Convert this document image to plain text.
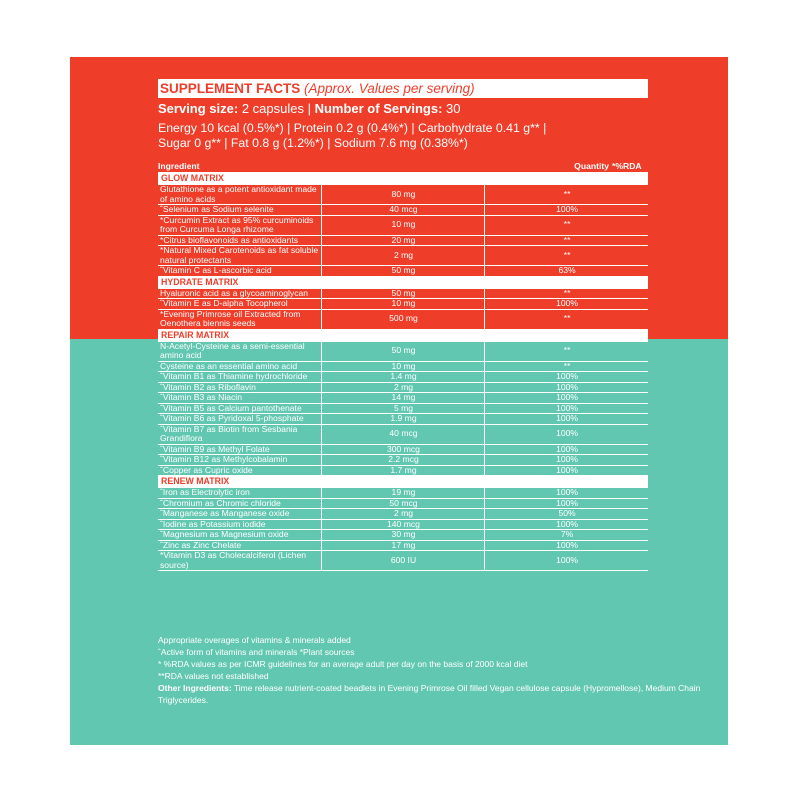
SUPPLEMENT FACTS (Approx. Values per serving)
Serving size: 2 capsules | Number of Servings: 30
Energy 10 kcal (0.5%*) | Protein 0.2 g (0.4%*) | Carbohydrate 0.41 g** |
Sugar 0 g** | Fat 0.8 g (1.2%*) | Sodium 7.6 mg (0.38%*)
Ingredient	Quantity *%RDA
GLOW MATRIX		
Glutathione as a potent antioxidant made of amino acids	80 mg	**
ˆSelenium as Sodium selenite	40 mcg	100%
*Curcumin Extract as 95% curcuminoids from Curcuma Longa rhizome	10 mg	**
*Citrus bioflavonoids as antioxidants	20 mg	**
*Natural Mixed Carotenoids as fat soluble natural protectants	2 mg	**
ˆVitamin C as L-ascorbic acid	50 mg	63%
HYDRATE MATRIX		
Hyaluronic acid as a glycoaminoglycan	50 mg	**
ˆVitamin E as D-alpha Tocopherol	10 mg	100%
*Evening Primrose oil Extracted from Oenothera biennis seeds	500 mg	**
REPAIR MATRIX		
N-Acetyl-Cysteine as a semi-essential amino acid	50 mg	**
Cysteine as an essential amino acid	10 mg	**
ˆVitamin B1 as Thiamine hydrochloride	1.4 mg	100%
ˆVitamin B2 as Riboflavin	2 mg	100%
ˆVitamin B3 as Niacin	14 mg	100%
ˆVitamin B5 as Calcium pantothenate	5 mg	100%
ˆVitamin B6 as Pyridoxal 5-phosphate	1.9 mg	100%
ˆVitamin B7 as Biotin from Sesbania Grandiflora	40 mcg	100%
ˆVitamin B9 as Methyl Folate	300 mcg	100%
ˆVitamin B12 as Methylcobalamin	2.2 mcg	100%
ˆCopper as Cupric oxide	1.7 mg	100%
RENEW MATRIX		
ˆIron as Electrolytic iron	19 mg	100%
ˆChromium as Chromic chloride	50 mcg	100%
ˆManganese as Manganese oxide	2 mg	50%
ˆIodine as Potassium iodide	140 mcg	100%
ˆMagnesium as Magnesium oxide	30 mg	7%
ˆZinc as Zinc Chelate	17 mg	100%
*Vitamin D3 as Cholecalciferol (Lichen source)	600 IU	100%

Appropriate overages of vitamins & minerals added

ˆActive form of vitamins and minerals *Plant sources

* %RDA values as per ICMR guidelines for an average adult per day on the basis of 2000 kcal diet

**RDA values not established

Other Ingredients: Time release nutrient-coated beadlets in Evening Primrose Oil filled Vegan cellulose capsule (Hypromellose), Medium Chain Triglycerides.
